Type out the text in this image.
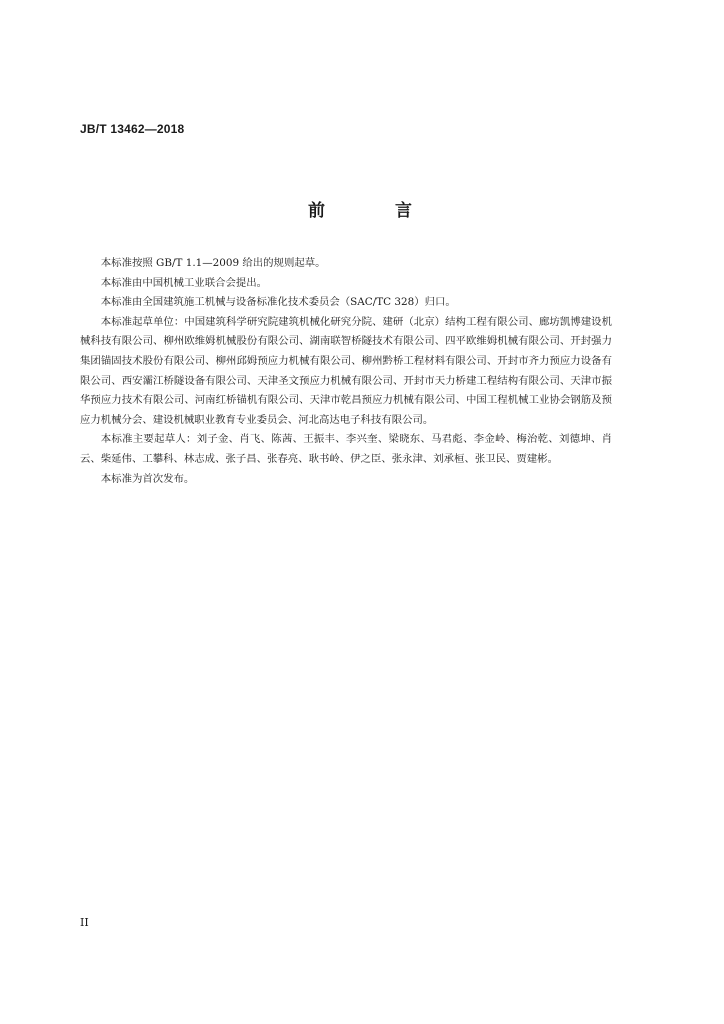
JB/T 13462—2018
前 言

本标准按照 GB/T 1.1—2009 给出的规则起草。

本标准由中国机械工业联合会提出。

本标准由全国建筑施工机械与设备标准化技术委员会（SAC/TC 328）归口。

本标准起草单位：中国建筑科学研究院建筑机械化研究分院、建研（北京）结构工程有限公司、廊坊凯博建设机械科技有限公司、柳州欧维姆机械股份有限公司、湖南联智桥隧技术有限公司、四平欧维姆机械有限公司、开封强力集团锚固技术股份有限公司、柳州邱姆预应力机械有限公司、柳州黔桥工程材料有限公司、开封市齐力预应力设备有限公司、西安灞江桥隧设备有限公司、天津圣文预应力机械有限公司、开封市天力桥建工程结构有限公司、天津市振华预应力技术有限公司、河南红桥锚机有限公司、天津市乾昌预应力机械有限公司、中国工程机械工业协会钢筋及预应力机械分会、建设机械职业教育专业委员会、河北高达电子科技有限公司。

本标准主要起草人：刘子金、肖飞、陈茜、王振丰、李兴奎、梁晓东、马君彪、李金岭、梅治乾、刘德坤、肖云、柴延伟、工攀科、林志成、张子昌、张春亮、耿书岭、伊之臣、张永津、刘承桓、张卫民、贾建彬。

本标准为首次发布。

II
